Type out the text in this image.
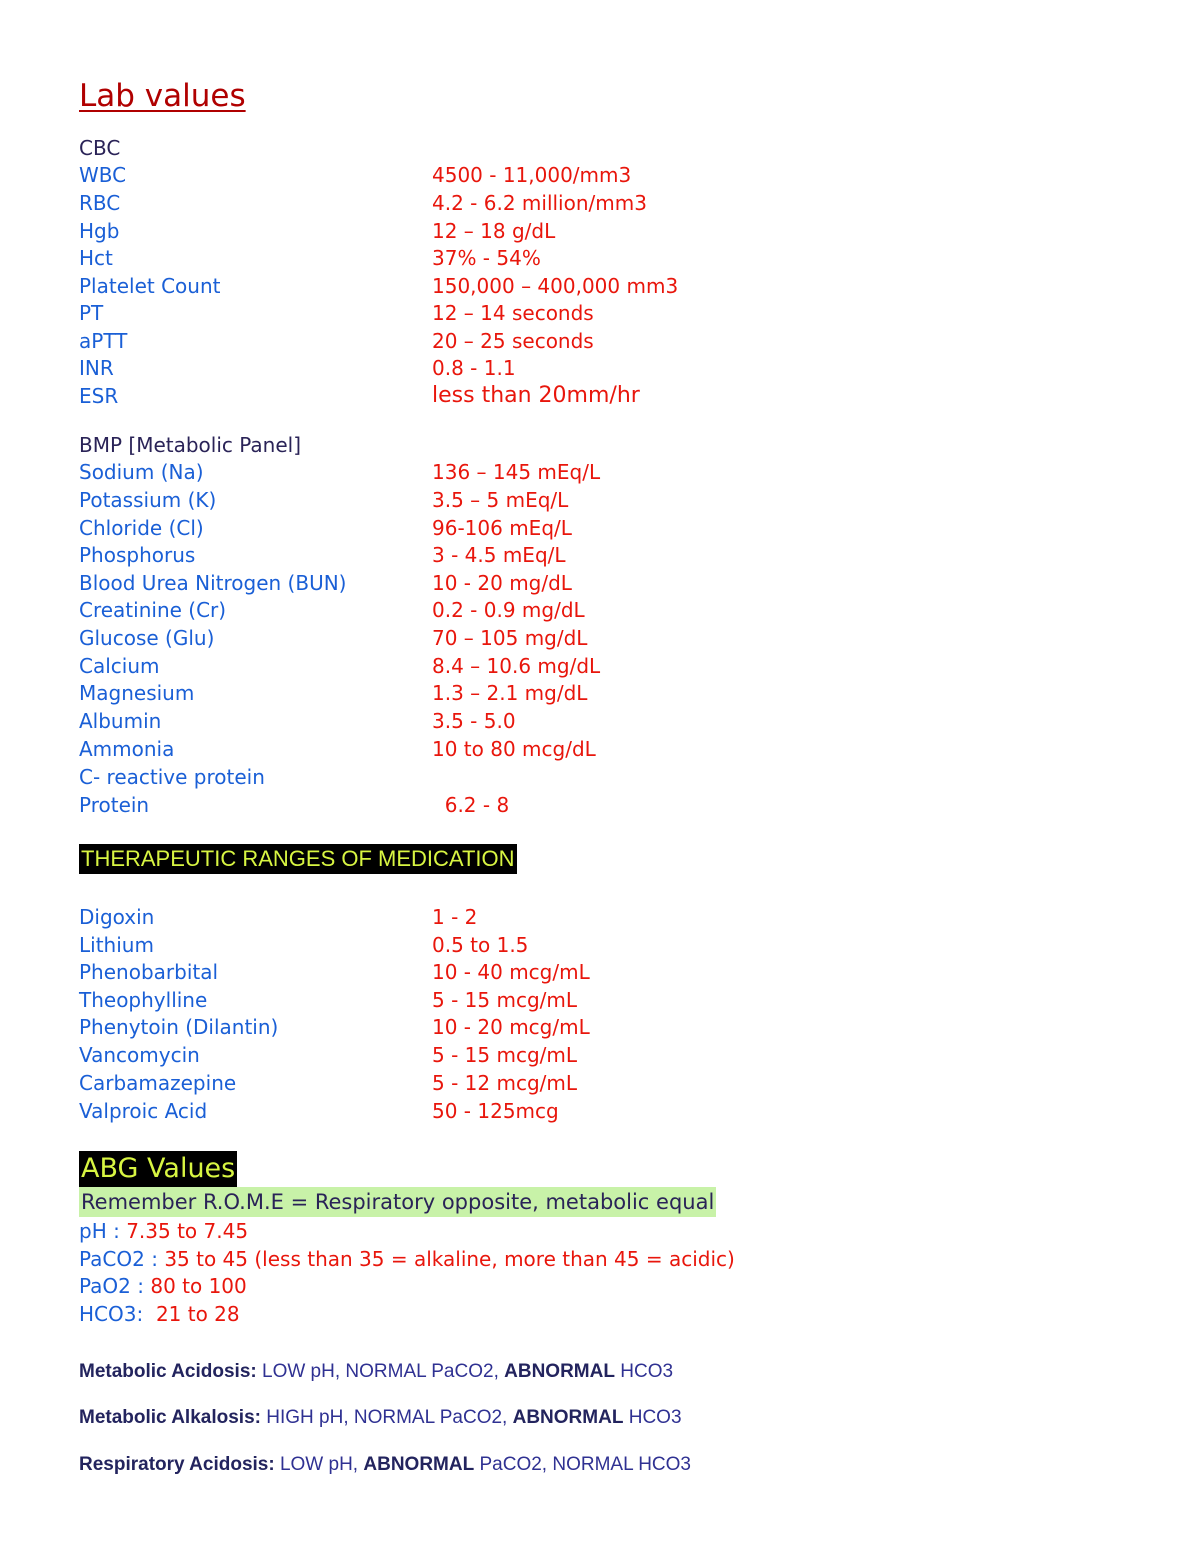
Lab values
CBC
WBC	4500 - 11,000/mm3
RBC	4.2 - 6.2 million/mm3
Hgb	12 – 18 g/dL
Hct	37% - 54%
Platelet Count	150,000 – 400,000 mm3
PT	12 – 14 seconds
aPTT	20 – 25 seconds
INR	0.8 - 1.1
ESR	less than 20mm/hr
BMP [Metabolic Panel]
Sodium (Na)	136 – 145 mEq/L
Potassium (K)	3.5 – 5 mEq/L
Chloride (Cl)	96-106 mEq/L
Phosphorus	3 - 4.5 mEq/L
Blood Urea Nitrogen (BUN)	10 - 20 mg/dL
Creatinine (Cr)	0.2 - 0.9 mg/dL
Glucose (Glu)	70 – 105 mg/dL
Calcium	8.4 – 10.6 mg/dL
Magnesium	1.3 – 2.1 mg/dL
Albumin	3.5 - 5.0
Ammonia	10 to 80 mcg/dL
C- reactive protein
Protein	6.2 - 8
THERAPEUTIC RANGES OF MEDICATION
Digoxin	1 - 2
Lithium	0.5 to 1.5
Phenobarbital	10 - 40 mcg/mL
Theophylline	5 - 15 mcg/mL
Phenytoin (Dilantin)	10 - 20 mcg/mL
Vancomycin	5 - 15 mcg/mL
Carbamazepine	5 - 12 mcg/mL
Valproic Acid	50 - 125mcg
ABG Values
Remember R.O.M.E = Respiratory opposite, metabolic equal
pH : 7.35 to 7.45
PaCO2 : 35 to 45 (less than 35 = alkaline, more than 45 = acidic)
PaO2 : 80 to 100
HCO3:  21 to 28
Metabolic Acidosis: LOW pH, NORMAL PaCO2, ABNORMAL HCO3
Metabolic Alkalosis: HIGH pH, NORMAL PaCO2, ABNORMAL HCO3
Respiratory Acidosis: LOW pH, ABNORMAL PaCO2, NORMAL HCO3
